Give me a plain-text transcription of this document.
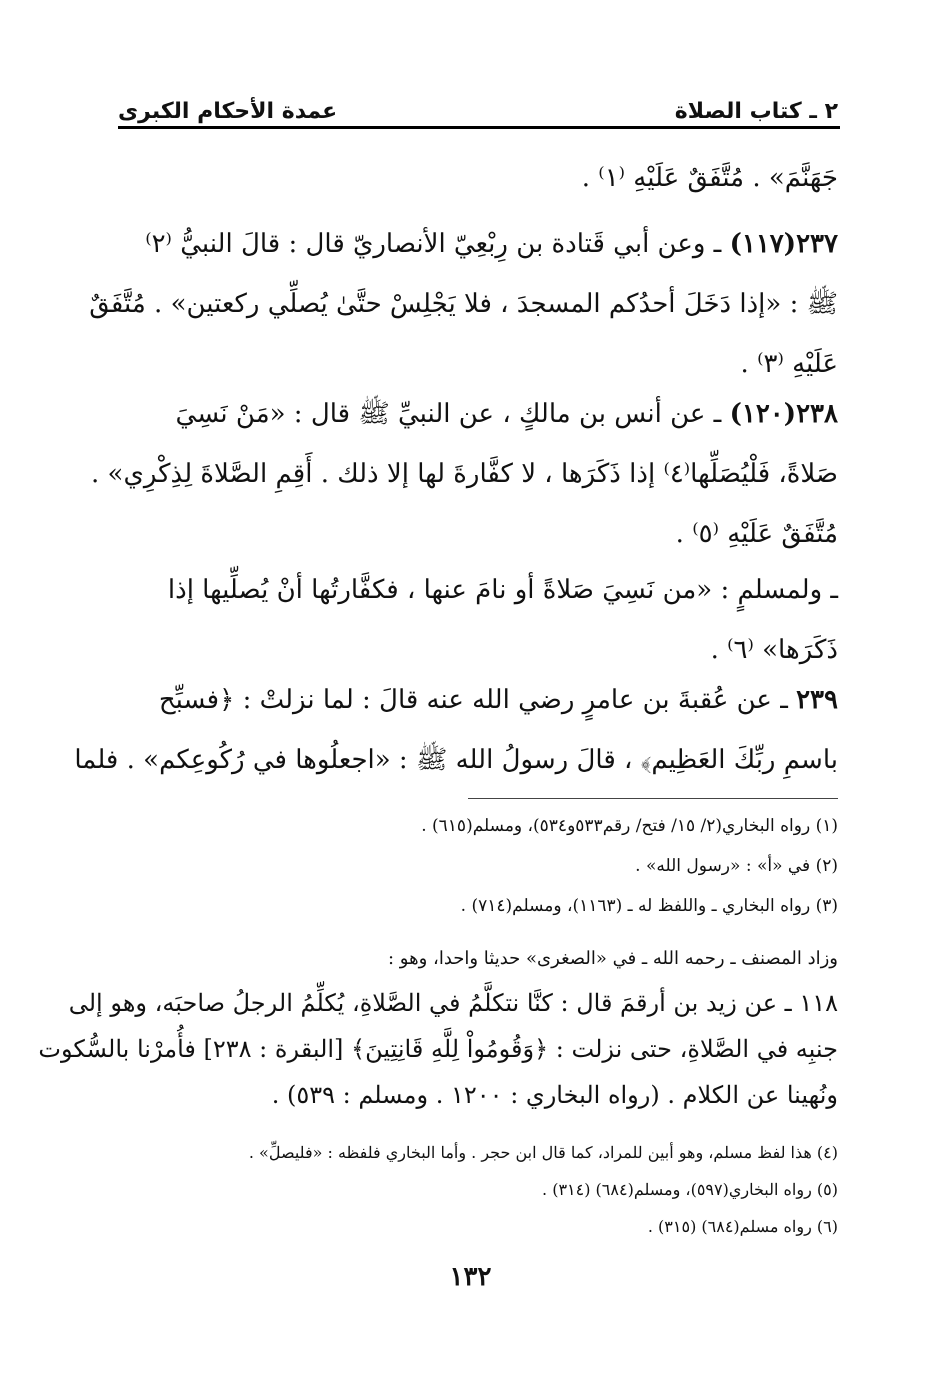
٢ ـ كتاب الصلاة
عمدة الأحكام الكبرى
جَهَنَّمَ» . مُتَّفَقٌ عَلَيْهِ ⁽١⁾ .
٢٣٧(١١٧) ـ وعن أبي قَتادة بن رِبْعِيّ الأنصاريّ قال : قالَ النبيُّ ⁽٢⁾
ﷺ : «إذا دَخَلَ أحدُكم المسجدَ ، فلا يَجْلِسْ حتَّىٰ يُصلِّي ركعتين» . مُتَّفَقٌ
عَلَيْهِ ⁽٣⁾ .
٢٣٨(١٢٠) ـ عن أنس بن مالكٍ ، عن النبيِّ ﷺ قال : «مَنْ نَسِيَ
صَلاةً، فَلْيُصَلِّها⁽٤⁾ إذا ذَكَرَها ، لا كفَّارةَ لها إلا ذلك . أَقِمِ الصَّلاةَ لِذِكْرِي» .
مُتَّفَقٌ عَلَيْهِ ⁽٥⁾ .
ـ ولمسلمٍ : «من نَسِيَ صَلاةً أو نامَ عنها ، فكفَّارتُها أنْ يُصلِّيها إذا
ذَكَرَها» ⁽٦⁾ .
٢٣٩ ـ عن عُقبةَ بن عامرٍ رضي الله عنه قالَ : لما نزلتْ : ﴿فسبِّح
باسمِ ربِّكَ العَظِيم﴾ ، قالَ رسولُ الله ﷺ : «اجعلُوها في رُكُوعِكم» . فلما
(١) رواه البخاري(٢/ ١٥/ فتح/ رقم٥٣٣و٥٣٤)، ومسلم(٦١٥) .
(٢) في «أ» : «رسول الله» .
(٣) رواه البخاري ـ واللفظ له ـ (١١٦٣)، ومسلم(٧١٤) .
وزاد المصنف ـ رحمه الله ـ في «الصغرى» حديثا واحدا، وهو :
١١٨ ـ عن زيد بن أرقمَ قال : كنَّا نتكلَّمُ في الصَّلاةِ، يُكلِّمُ الرجلُ صاحبَه، وهو إلى
جنبِه في الصَّلاةِ، حتى نزلت : ﴿وَقُومُواْ لِلَّهِ قَانِتِينَ﴾ [البقرة : ٢٣٨] فأُمرْنا بالسُّكوت
ونُهينا عن الكلام . (رواه البخاري : ١٢٠٠ . ومسلم : ٥٣٩) .
(٤) هذا لفظ مسلم، وهو أبين للمراد، كما قال ابن حجر . وأما البخاري فلفظه : «فليصلِّ» .
(٥) رواه البخاري(٥٩٧)، ومسلم(٦٨٤) (٣١٤) .
(٦) رواه مسلم(٦٨٤) (٣١٥) .
١٣٢
